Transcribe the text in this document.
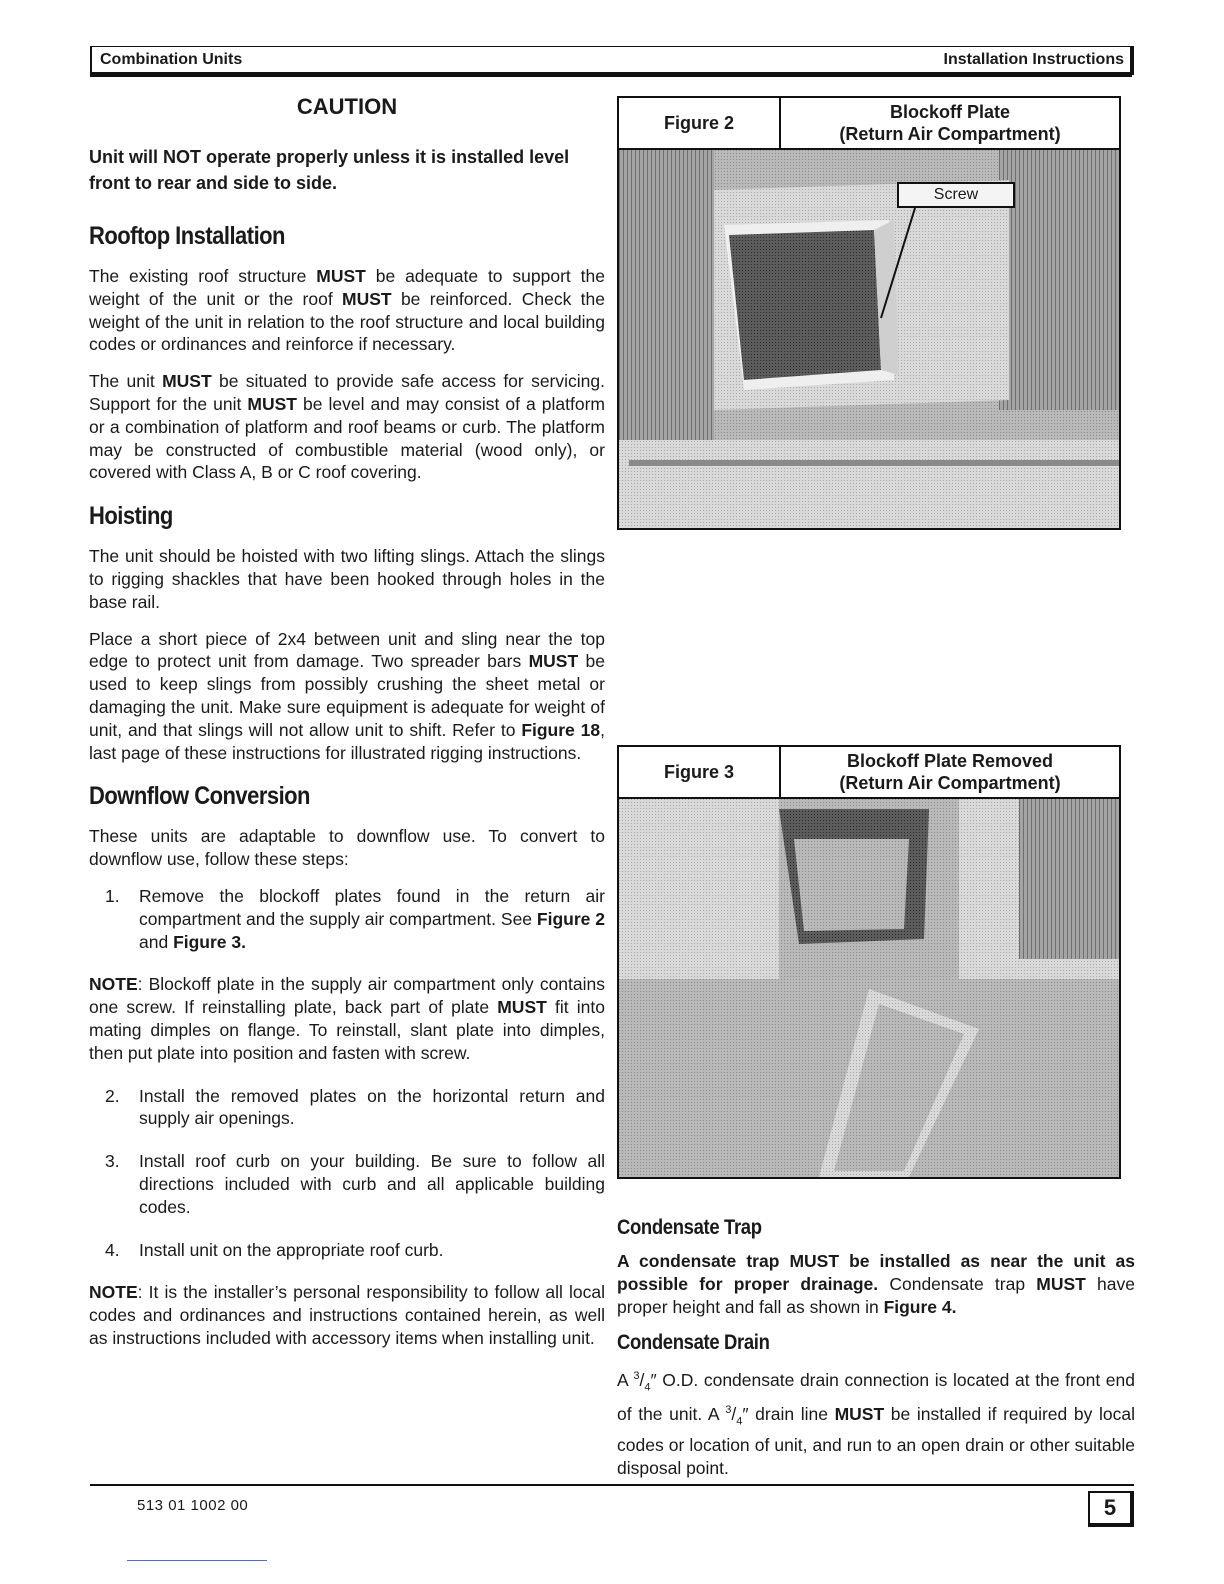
Combination Units	Installation Instructions
CAUTION
Unit will NOT operate properly unless it is installed level front to rear and side to side.
Rooftop Installation

The existing roof structure MUST be adequate to support the weight of the unit or the roof MUST be reinforced. Check the weight of the unit in relation to the roof structure and local building codes or ordinances and reinforce if necessary.

The unit MUST be situated to provide safe access for servicing. Support for the unit MUST be level and may consist of a platform or a combination of platform and roof beams or curb. The platform may be constructed of combustible material (wood only), or covered with Class A, B or C roof covering.

Hoisting

The unit should be hoisted with two lifting slings. Attach the slings to rigging shackles that have been hooked through holes in the base rail.

Place a short piece of 2x4 between unit and sling near the top edge to protect unit from damage. Two spreader bars MUST be used to keep slings from possibly crushing the sheet metal or damaging the unit. Make sure equipment is adequate for weight of unit, and that slings will not allow unit to shift. Refer to Figure 18, last page of these instructions for illustrated rigging instructions.

Downflow Conversion

These units are adaptable to downflow use. To convert to downflow use, follow these steps:

1. Remove the blockoff plates found in the return air compartment and the supply air compartment. See Figure 2 and Figure 3.

NOTE: Blockoff plate in the supply air compartment only contains one screw. If reinstalling plate, back part of plate MUST fit into mating dimples on flange. To reinstall, slant plate into dimples, then put plate into position and fasten with screw.

2. Install the removed plates on the horizontal return and supply air openings.
3. Install roof curb on your building. Be sure to follow all directions included with curb and all applicable building codes.
4. Install unit on the appropriate roof curb.

NOTE: It is the installer’s personal responsibility to follow all local codes and ordinances and instructions contained herein, as well as instructions included with accessory items when installing unit.

Figure 2
Blockoff Plate
(Return Air Compartment)
Screw
Figure 3
Blockoff Plate Removed
(Return Air Compartment)
Condensate Trap

A condensate trap MUST be installed as near the unit as possible for proper drainage. Condensate trap MUST have proper height and fall as shown in Figure 4.

Condensate Drain

A $^3/_4''$ O.D. condensate drain connection is located at the front end of the unit. A $^3/_4''$ drain line MUST be installed if required by local codes or location of unit, and run to an open drain or other suitable disposal point.

513 01 1002 00	5
